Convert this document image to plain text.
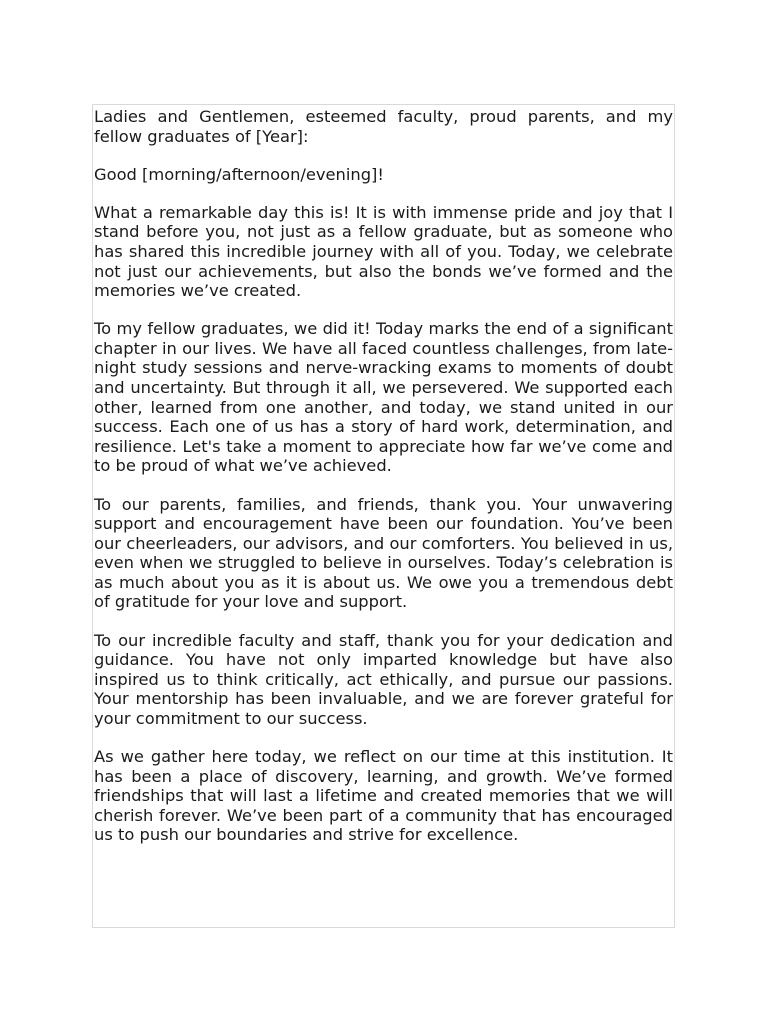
Ladies and Gentlemen, esteemed faculty, proud parents, and my fellow graduates of [Year]:

Good [morning/afternoon/evening]!

What a remarkable day this is! It is with immense pride and joy that I stand before you, not just as a fellow graduate, but as someone who has shared this incredible journey with all of you. Today, we celebrate not just our achievements, but also the bonds we’ve formed and the memories we’ve created.

To my fellow graduates, we did it! Today marks the end of a significant chapter in our lives. We have all faced countless challenges, from late-night study sessions and nerve-wracking exams to moments of doubt and uncertainty. But through it all, we persevered. We supported each other, learned from one another, and today, we stand united in our success. Each one of us has a story of hard work, determination, and resilience. Let's take a moment to appreciate how far we’ve come and to be proud of what we’ve achieved.

To our parents, families, and friends, thank you. Your unwavering support and encouragement have been our foundation. You’ve been our cheerleaders, our advisors, and our comforters. You believed in us, even when we struggled to believe in ourselves. Today’s celebration is as much about you as it is about us. We owe you a tremendous debt of gratitude for your love and support.

To our incredible faculty and staff, thank you for your dedication and guidance. You have not only imparted knowledge but have also inspired us to think critically, act ethically, and pursue our passions. Your mentorship has been invaluable, and we are forever grateful for your commitment to our success.

As we gather here today, we reflect on our time at this institution. It has been a place of discovery, learning, and growth. We’ve formed friendships that will last a lifetime and created memories that we will cherish forever. We’ve been part of a community that has encouraged us to push our boundaries and strive for excellence.
